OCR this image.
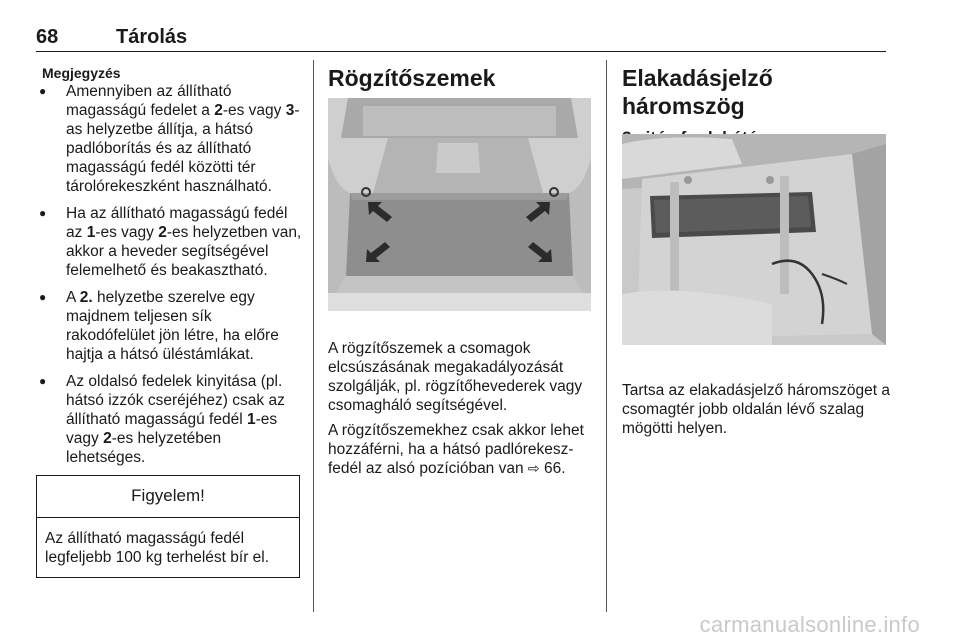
68	Tárolás
Megjegyzés
● Amennyiben az állítható magasságú fedelet a 2-es vagy 3-as helyzetbe állítja, a hátsó padlóborítás és az állítható magasságú fedél közötti tér tárolórekeszként használható.
● Ha az állítható magasságú fedél az 1-es vagy 2-es helyzetben van, akkor a heveder segítségével felemelhető és beakasztható.
● A 2. helyzetbe szerelve egy majdnem teljesen sík rakodófelület jön létre, ha előre hajtja a hátsó üléstámlákat.
● Az oldalsó fedelek kinyitása (pl. hátsó izzók cseréjéhez) csak az állítható magasságú fedél 1-es vagy 2-es helyzetében lehetséges.
Figyelem!
Az állítható magasságú fedél legfeljebb 100 kg terhelést bír el.
Rögzítőszemek

A rögzítőszemek a csomagok elcsúszásának megakadályozását szolgálják, pl. rögzítőhevederek vagy csomagháló segítségével.

A rögzítőszemekhez csak akkor lehet hozzáférni, ha a hátsó padlórekesz-fedél az alsó pozícióban van ⇨ 66.

Elakadásjelző háromszög

Tartsa az elakadásjelző háromszöget a csomagtér jobb oldalán lévő szalag mögötti helyen.

carmanualsonline.info
